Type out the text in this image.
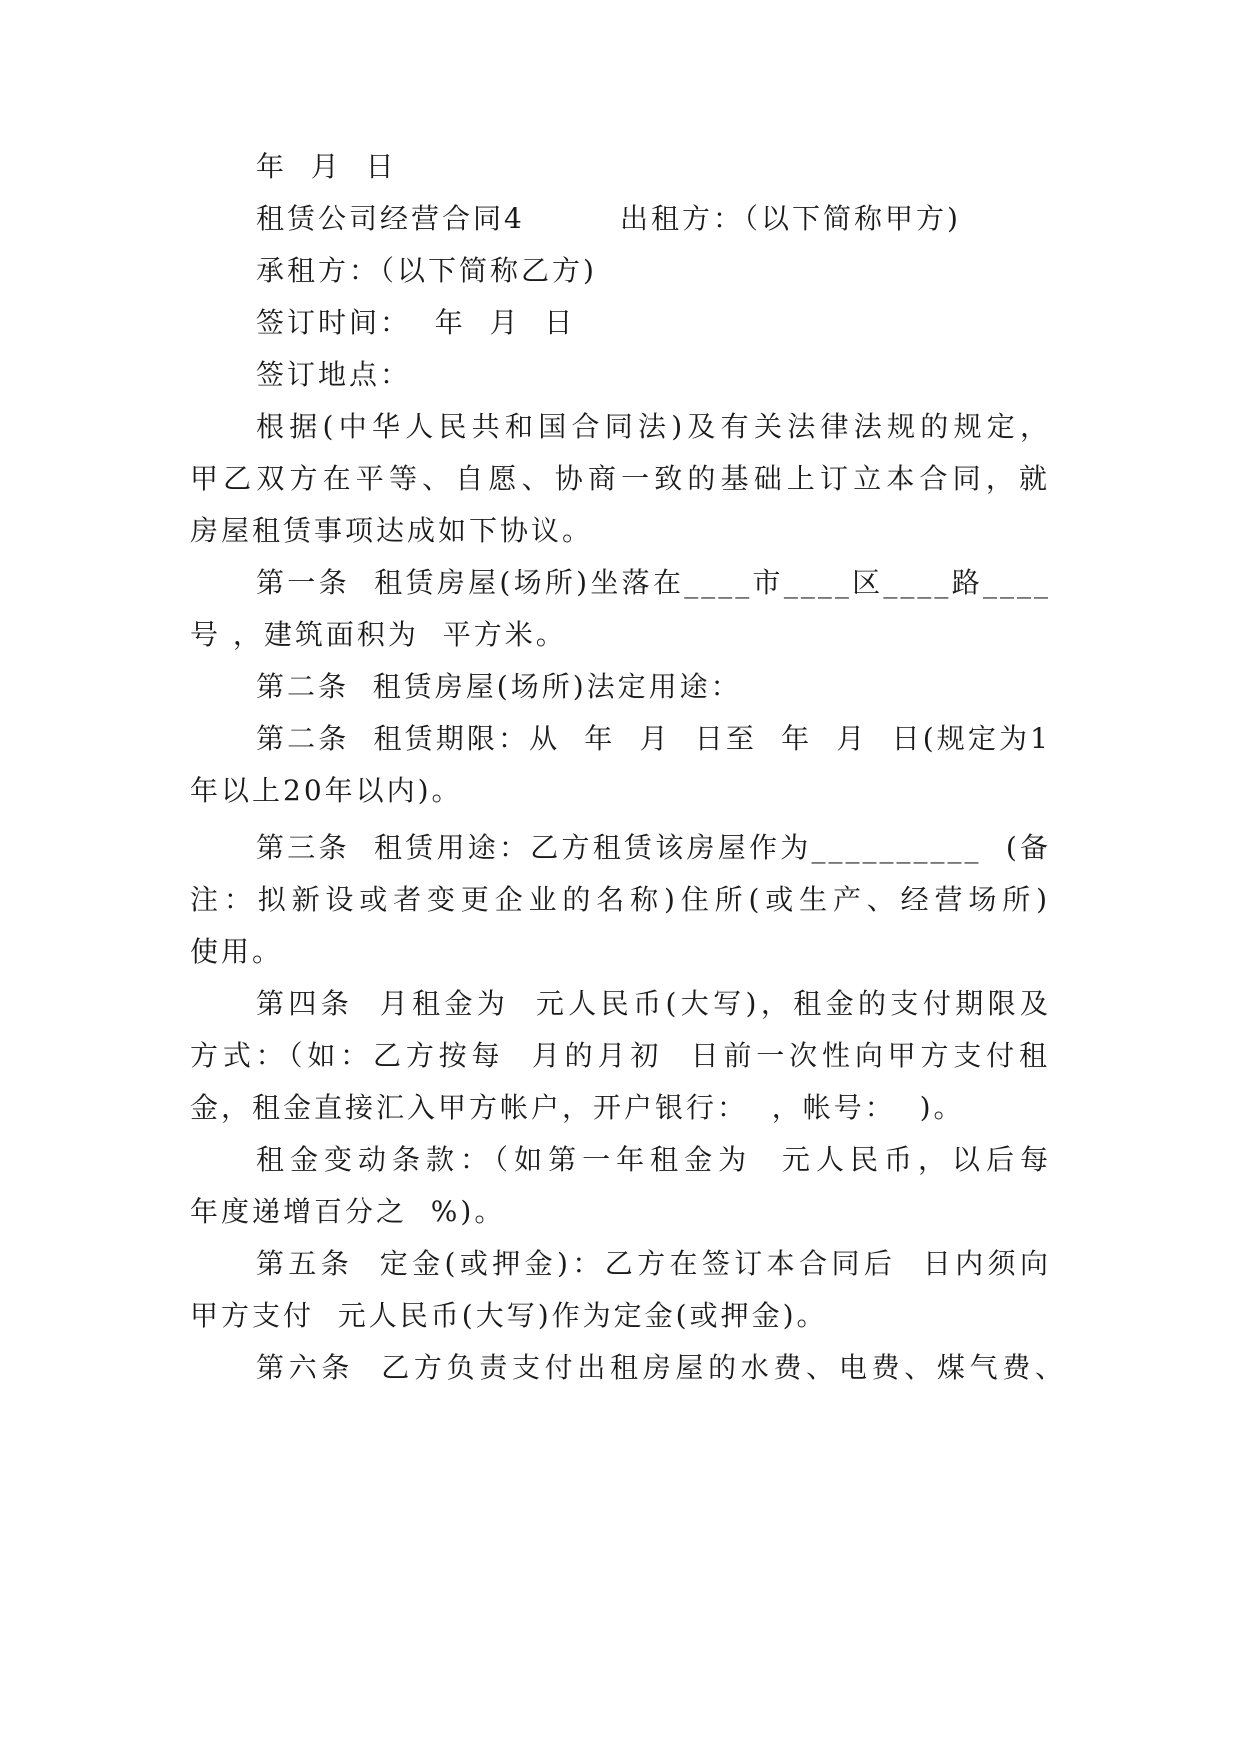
年  月  日
租赁公司经营合同4        出租方：（以下简称甲方)
承租方：（以下简称乙方)
签订时间：  年  月  日
签订地点：
根据(中华人民共和国合同法)及有关法律法规的规定，
甲乙双方在平等、自愿、协商一致的基础上订立本合同，就
房屋租赁事项达成如下协议。
第一条  租赁房屋(场所)坐落在____市____区____路____
号 ，建筑面积为  平方米。
第二条  租赁房屋(场所)法定用途：
第二条  租赁期限：从  年  月  日至  年  月  日(规定为1
年以上20年以内)。
第三条  租赁用途：乙方租赁该房屋作为__________  (备
注：拟新设或者变更企业的名称)住所(或生产、经营场所)
使用。
第四条  月租金为  元人民币(大写)，租金的支付期限及
方式：（如：乙方按每  月的月初  日前一次性向甲方支付租
金，租金直接汇入甲方帐户，开户银行：  ，帐号：  )。
租金变动条款：（如第一年租金为  元人民币，以后每
年度递增百分之  %)。
第五条  定金(或押金)：乙方在签订本合同后  日内须向
甲方支付  元人民币(大写)作为定金(或押金)。
第六条  乙方负责支付出租房屋的水费、电费、煤气费、
